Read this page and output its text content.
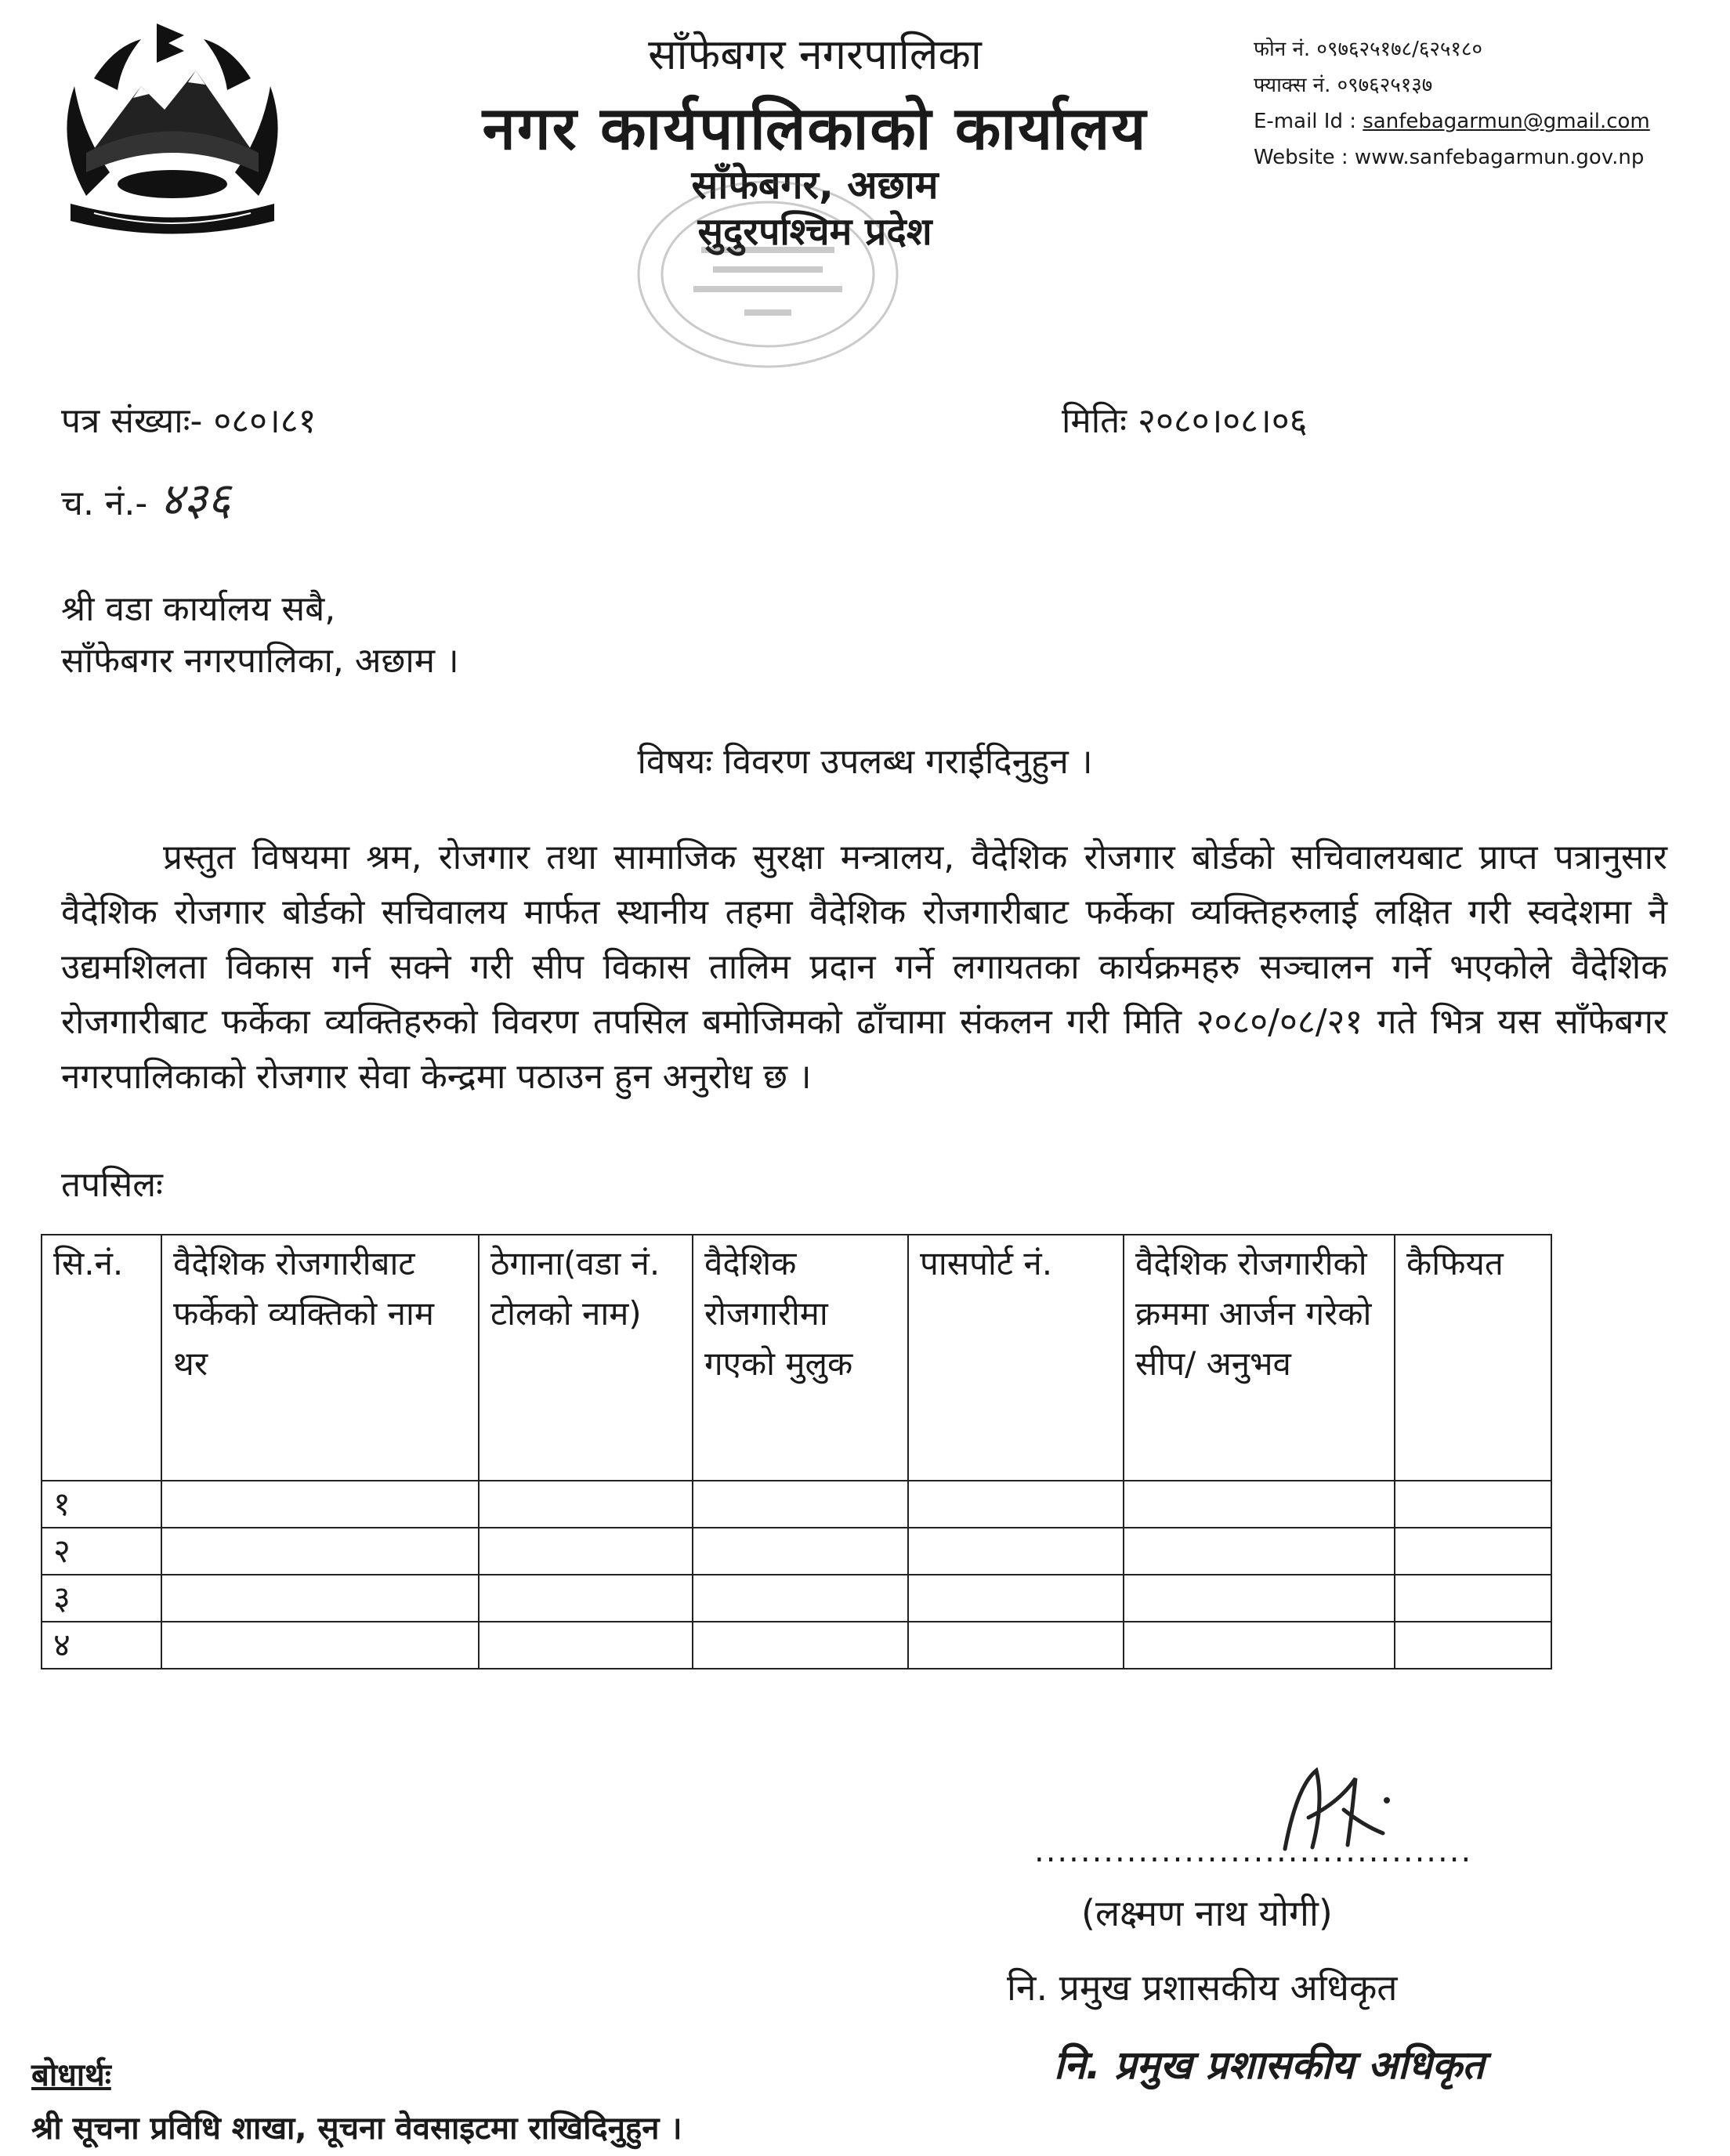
साँफेबगर नगरपालिका
नगर कार्यपालिकाको कार्यालय
साँफेबगर, अछाम
सुदुरपश्चिम प्रदेश
फोन नं. ०९७६२५१७८/६२५१८०
फ्याक्स नं. ०९७६२५१३७
E-mail Id : sanfebagarmun@gmail.com
Website : www.sanfebagarmun.gov.np
पत्र संख्याः- ०८०।८१	मितिः २०८०।०८।०६
च. नं.- ४३६
श्री वडा कार्यालय सबै,
साँफेबगर नगरपालिका, अछाम ।
विषयः विवरण उपलब्ध गराईदिनुहुन ।
प्रस्तुत विषयमा श्रम, रोजगार तथा सामाजिक सुरक्षा मन्त्रालय, वैदेशिक रोजगार बोर्डको सचिवालयबाट प्राप्त पत्रानुसार वैदेशिक रोजगार बोर्डको सचिवालय मार्फत स्थानीय तहमा वैदेशिक रोजगारीबाट फर्केका व्यक्तिहरुलाई लक्षित गरी स्वदेशमा नै उद्यमशिलता विकास गर्न सक्ने गरी सीप विकास तालिम प्रदान गर्ने लगायतका कार्यक्रमहरु सञ्चालन गर्ने भएकोले वैदेशिक रोजगारीबाट फर्केका व्यक्तिहरुको विवरण तपसिल बमोजिमको ढाँचामा संकलन गरी मिति २०८०/०८/२१ गते भित्र यस साँफेबगर नगरपालिकाको रोजगार सेवा केन्द्रमा पठाउन हुन अनुरोध छ ।
तपसिलः
सि.नं.	वैदेशिक रोजगारीबाट फर्केको व्यक्तिको नाम थर	ठेगाना(वडा नं. टोलको नाम)	वैदेशिक रोजगारीमा गएको मुलुक	पासपोर्ट नं.	वैदेशिक रोजगारीको क्रममा आर्जन गरेको सीप/ अनुभव	कैफियत
१						
२						
३						
४						
......................................
(लक्ष्मण नाथ योगी)
नि. प्रमुख प्रशासकीय अधिकृत
नि. प्रमुख प्रशासकीय अधिकृत
बोधार्थः
श्री सूचना प्रविधि शाखा, सूचना वेवसाइटमा राखिदिनुहुन ।
